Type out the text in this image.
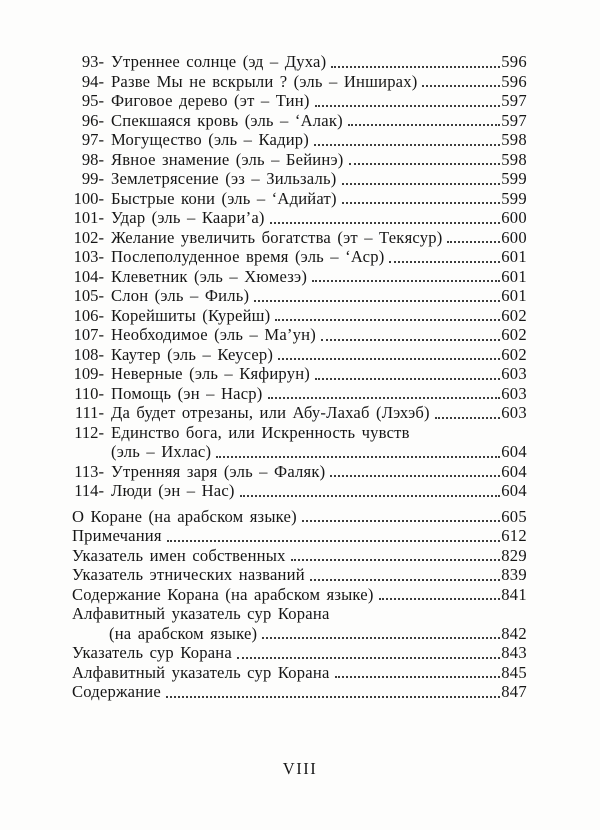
93- Утреннее солнце (эд – Духа)	596
94- Разве Мы не вскрыли ? (эль – Инширах)	596
95- Фиговое дерево (эт – Тин)	597
96- Спекшаяся кровь (эль – ‘Алак)	597
97- Могущество (эль – Кадир)	598
98- Явное знамение (эль – Бейинэ)	598
99- Землетрясение (эз – Зильзаль)	599
100- Быстрые кони (эль – ‘Адийат)	599
101- Удар (эль – Каари’а)	600
102- Желание увеличить богатства (эт – Текясур)	600
103- Послеполуденное время (эль – ‘Аср)	601
104- Клеветник (эль – Хюмезэ)	601
105- Слон (эль – Филь)	601
106- Корейшиты (Курейш)	602
107- Необходимое (эль – Ма’ун)	602
108- Каутер (эль – Кеусер)	602
109- Неверные (эль – Кяфирун)	603
110- Помощь (эн – Наср)	603
111- Да будет отрезаны, или Абу-Лахаб (Лэхэб)	603
112- Единство бога, или Искренность чувств
(эль – Ихлас)	604
113- Утренняя заря (эль – Фаляк)	604
114- Люди (эн – Нас)	604
О Коране (на арабском языке)	605
Примечания	612
Указатель имен собственных	829
Указатель этнических названий	839
Содержание Корана (на арабском языке)	841
Алфавитный указатель сур Корана
(на арабском языке)	842
Указатель сур Корана	843
Алфавитный указатель сур Корана	845
Содержание	847
VIII
